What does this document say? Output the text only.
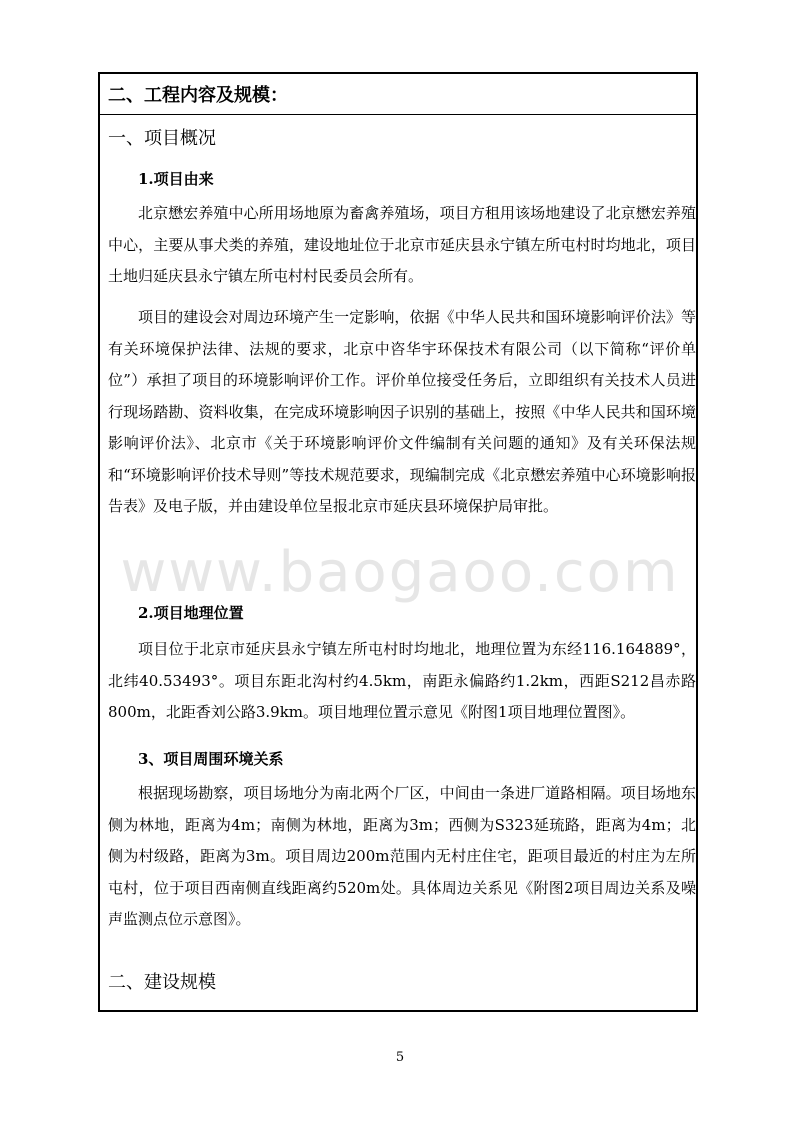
二、工程内容及规模：
一、项目概况
1.项目由来

北京懋宏养殖中心所用场地原为畜禽养殖场，项目方租用该场地建设了北京懋宏养殖中心，主要从事犬类的养殖，建设地址位于北京市延庆县永宁镇左所屯村时均地北，项目土地归延庆县永宁镇左所屯村村民委员会所有。

项目的建设会对周边环境产生一定影响，依据《中华人民共和国环境影响评价法》等有关环境保护法律、法规的要求，北京中咨华宇环保技术有限公司（以下简称“评价单位”）承担了项目的环境影响评价工作。评价单位接受任务后，立即组织有关技术人员进行现场踏勘、资料收集，在完成环境影响因子识别的基础上，按照《中华人民共和国环境影响评价法》、北京市《关于环境影响评价文件编制有关问题的通知》及有关环保法规和“环境影响评价技术导则”等技术规范要求，现编制完成《北京懋宏养殖中心环境影响报告表》及电子版，并由建设单位呈报北京市延庆县环境保护局审批。

2.项目地理位置

项目位于北京市延庆县永宁镇左所屯村时均地北，地理位置为东经116.164889°，北纬40.53493°。项目东距北沟村约4.5km，南距永偏路约1.2km，西距S212昌赤路800m，北距香刘公路3.9km。项目地理位置示意见《附图1项目地理位置图》。

3、项目周围环境关系

根据现场勘察，项目场地分为南北两个厂区，中间由一条进厂道路相隔。项目场地东侧为林地，距离为4m；南侧为林地，距离为3m；西侧为S323延琉路，距离为4m；北侧为村级路，距离为3m。项目周边200m范围内无村庄住宅，距项目最近的村庄为左所屯村，位于项目西南侧直线距离约520m处。具体周边关系见《附图2项目周边关系及噪声监测点位示意图》。

二、建设规模
www.baogaoo.com
5
